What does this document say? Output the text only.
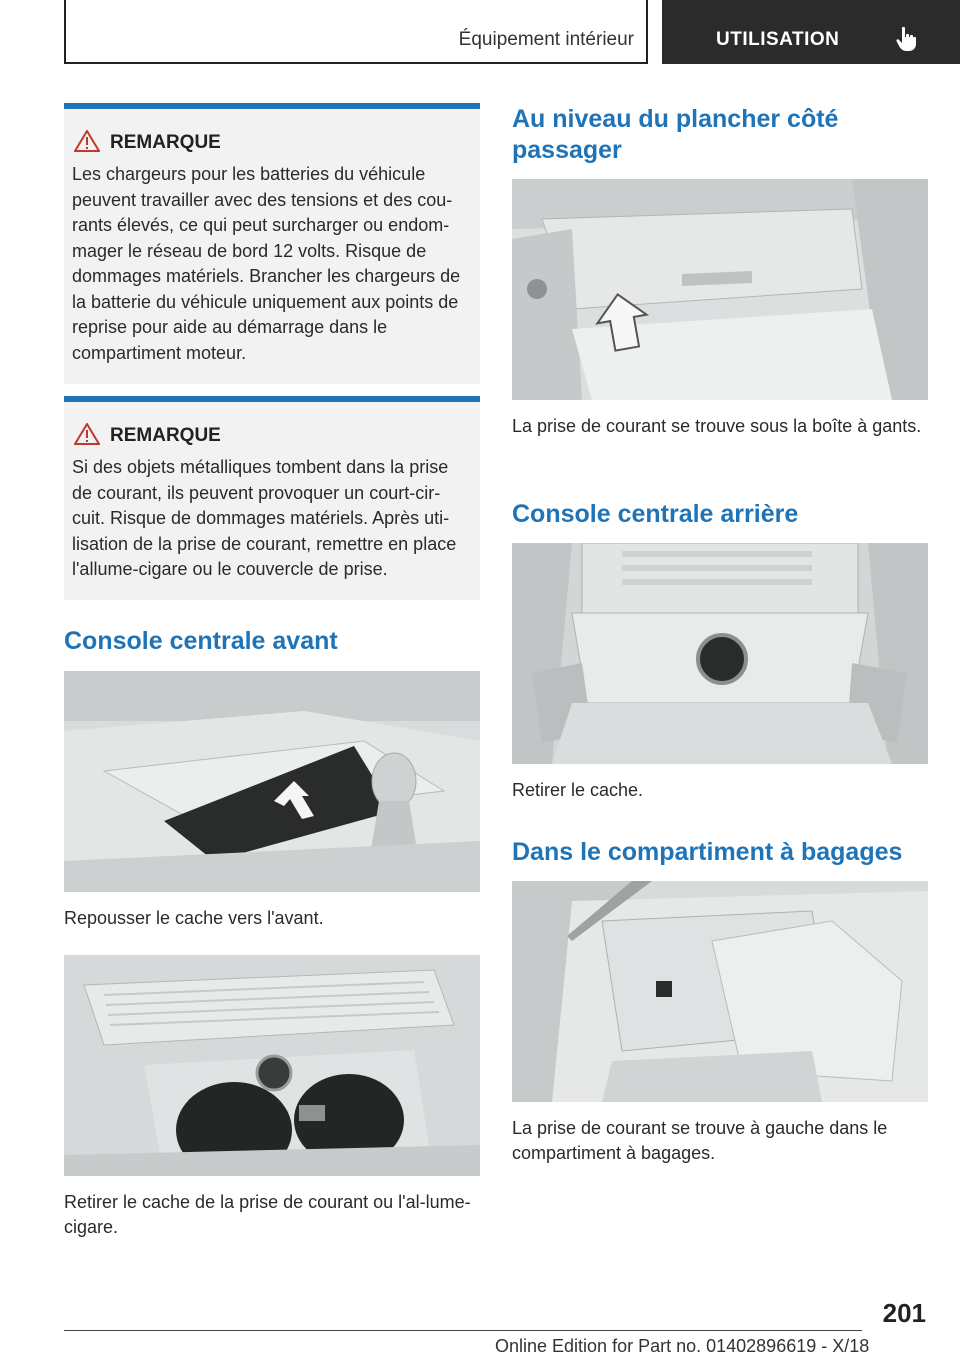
Équipement intérieur	UTILISATION
REMARQUE
Les chargeurs pour les batteries du véhicule peuvent travailler avec des tensions et des cou-rants élevés, ce qui peut surcharger ou endom-mager le réseau de bord 12 volts. Risque de dommages matériels. Brancher les chargeurs de la batterie du véhicule uniquement aux points de reprise pour aide au démarrage dans le compartiment moteur.
REMARQUE
Si des objets métalliques tombent dans la prise de courant, ils peuvent provoquer un court-cir-cuit. Risque de dommages matériels. Après uti-lisation de la prise de courant, remettre en place l'allume-cigare ou le couvercle de prise.
Console centrale avant
Repousser le cache vers l'avant.
Retirer le cache de la prise de courant ou l'al-lume-cigare.
Au niveau du plancher côté passager
La prise de courant se trouve sous la boîte à gants.
Console centrale arrière
Retirer le cache.
Dans le compartiment à bagages
La prise de courant se trouve à gauche dans le compartiment à bagages.
201
Online Edition for Part no. 01402896619 - X/18
